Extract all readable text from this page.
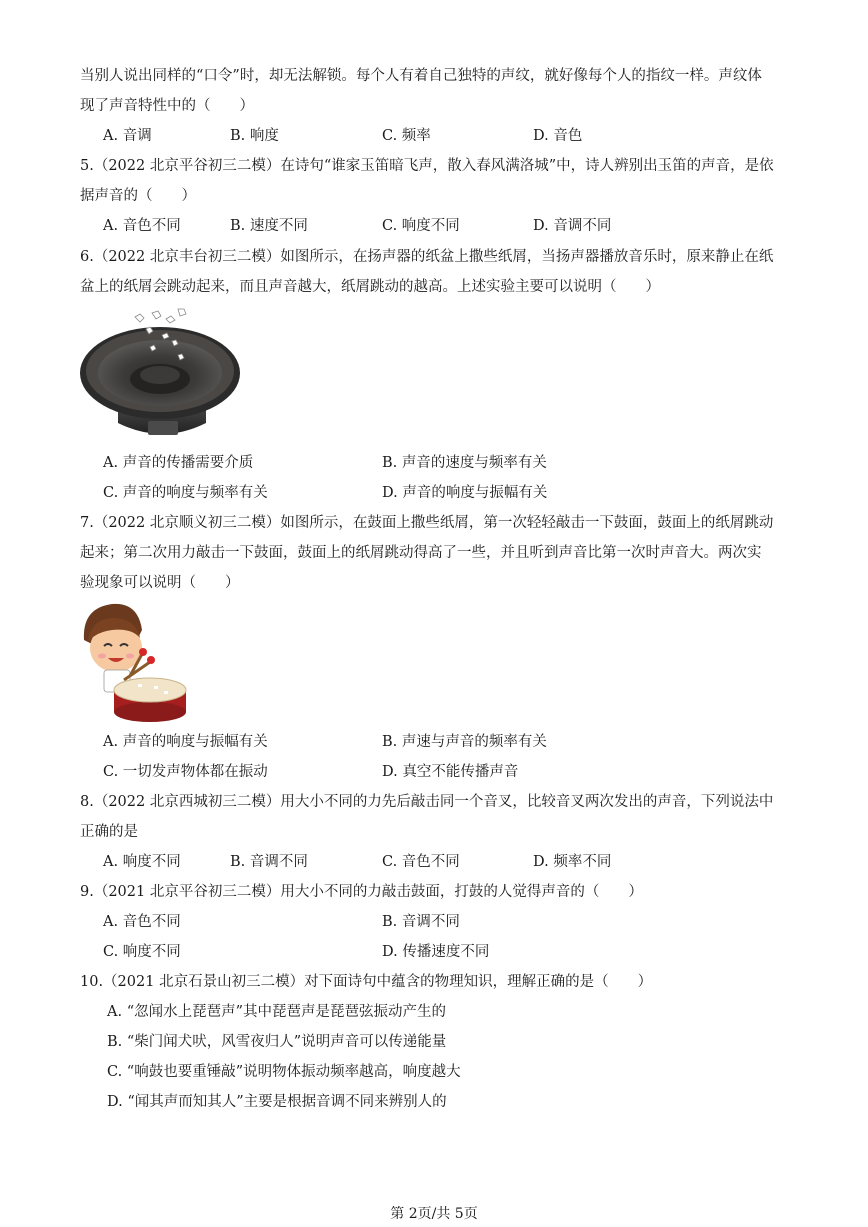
当别人说出同样的“口令”时，却无法解锁。每个人有着自己独特的声纹，就好像每个人的指纹一样。声纹体
现了声音特性中的（　　）
A. 音调	B. 响度	C. 频率	D. 音色
5.（2022 北京平谷初三二模）在诗句“谁家玉笛暗飞声，散入春风满洛城”中，诗人辨别出玉笛的声音，是依
据声音的（　　）
A. 音色不同	B. 速度不同	C. 响度不同	D. 音调不同
6.（2022 北京丰台初三二模）如图所示，在扬声器的纸盆上撒些纸屑，当扬声器播放音乐时，原来静止在纸
盆上的纸屑会跳动起来，而且声音越大，纸屑跳动的越高。上述实验主要可以说明（　　）
A. 声音的传播需要介质	B. 声音的速度与频率有关
C. 声音的响度与频率有关	D. 声音的响度与振幅有关
7.（2022 北京顺义初三二模）如图所示，在鼓面上撒些纸屑，第一次轻轻敲击一下鼓面，鼓面上的纸屑跳动
起来；第二次用力敲击一下鼓面，鼓面上的纸屑跳动得高了一些，并且听到声音比第一次时声音大。两次实
验现象可以说明（　　）
A. 声音的响度与振幅有关	B. 声速与声音的频率有关
C. 一切发声物体都在振动	D. 真空不能传播声音
8.（2022 北京西城初三二模）用大小不同的力先后敲击同一个音叉，比较音叉两次发出的声音，下列说法中
正确的是
A. 响度不同	B. 音调不同	C. 音色不同	D. 频率不同
9.（2021 北京平谷初三二模）用大小不同的力敲击鼓面，打鼓的人觉得声音的（　　）
A. 音色不同	B. 音调不同
C. 响度不同	D. 传播速度不同
10.（2021 北京石景山初三二模）对下面诗句中蕴含的物理知识，理解正确的是（　　）
A. “忽闻水上琵琶声”其中琵琶声是琵琶弦振动产生的
B. “柴门闻犬吠，风雪夜归人”说明声音可以传递能量
C. “响鼓也要重锤敲”说明物体振动频率越高，响度越大
D. “闻其声而知其人”主要是根据音调不同来辨别人的
第 2页/共 5页
